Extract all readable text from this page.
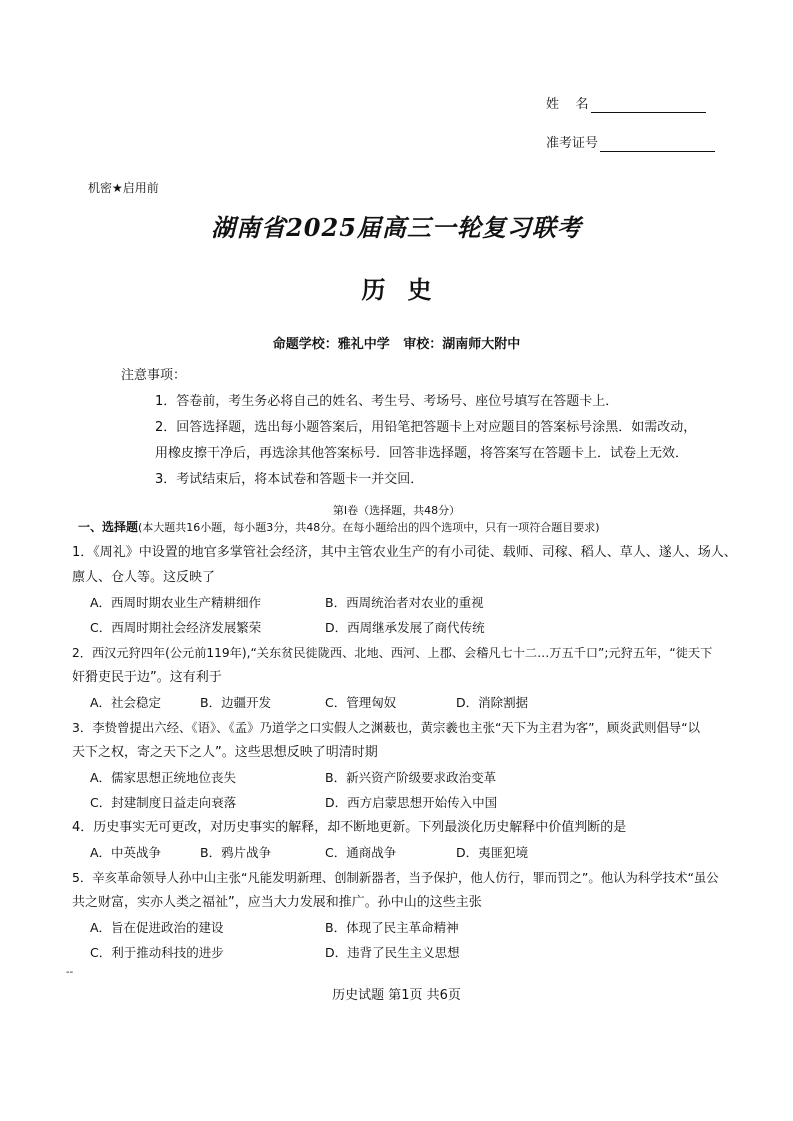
姓    名
准考证号
机密★启用前
湖南省2025届高三一轮复习联考
历史
命题学校：雅礼中学   审校：湖南师大附中
注意事项：
1．答卷前，考生务必将自己的姓名、考生号、考场号、座位号填写在答题卡上．
2．回答选择题，选出每小题答案后，用铅笔把答题卡上对应题目的答案标号涂黑．如需改动，
用橡皮擦干净后，再选涂其他答案标号．回答非选择题，将答案写在答题卡上．试卷上无效．
3．考试结束后，将本试卷和答题卡一并交回．
第Ⅰ卷（选择题，共48分）
一、选择题(本大题共16小题，每小题3分，共48分。在每小题给出的四个选项中，只有一项符合题目要求)
1．《周礼》中设置的地官多掌管社会经济，其中主管农业生产的有小司徒、载师、司稼、稻人、草人、遂人、场人、
廪人、仓人等。这反映了
A．西周时期农业生产精耕细作	B．西周统治者对农业的重视
C．西周时期社会经济发展繁荣	D．西周继承发展了商代传统
2．西汉元狩四年(公元前119年),“关东贫民徙陇西、北地、西河、上郡、会稽凡七十二…万五千口”;元狩五年，“徙天下
奸猾吏民于边”。这有利于
A．社会稳定	B．边疆开发	C．管理匈奴	D．消除割据
3．李贽曾提出六经、《语》、《孟》乃道学之口实假人之渊薮也，黄宗羲也主张“天下为主君为客”，顾炎武则倡导“以
天下之权，寄之天下之人”。这些思想反映了明清时期
A．儒家思想正统地位丧失	B．新兴资产阶级要求政治变革
C．封建制度日益走向衰落	D．西方启蒙思想开始传入中国
4．历史事实无可更改，对历史事实的解释，却不断地更新。下列最淡化历史解释中价值判断的是
A．中英战争	B．鸦片战争	C．通商战争	D．夷匪犯境
5．辛亥革命领导人孙中山主张“凡能发明新理、创制新器者，当予保护，他人仿行，罪而罚之”。他认为科学技术“虽公
共之财富，实亦人类之福祉”，应当大力发展和推广。孙中山的这些主张
A．旨在促进政治的建设	B．体现了民主革命精神
C．利于推动科技的进步	D．违背了民生主义思想
--
历史试题 第1页 共6页
